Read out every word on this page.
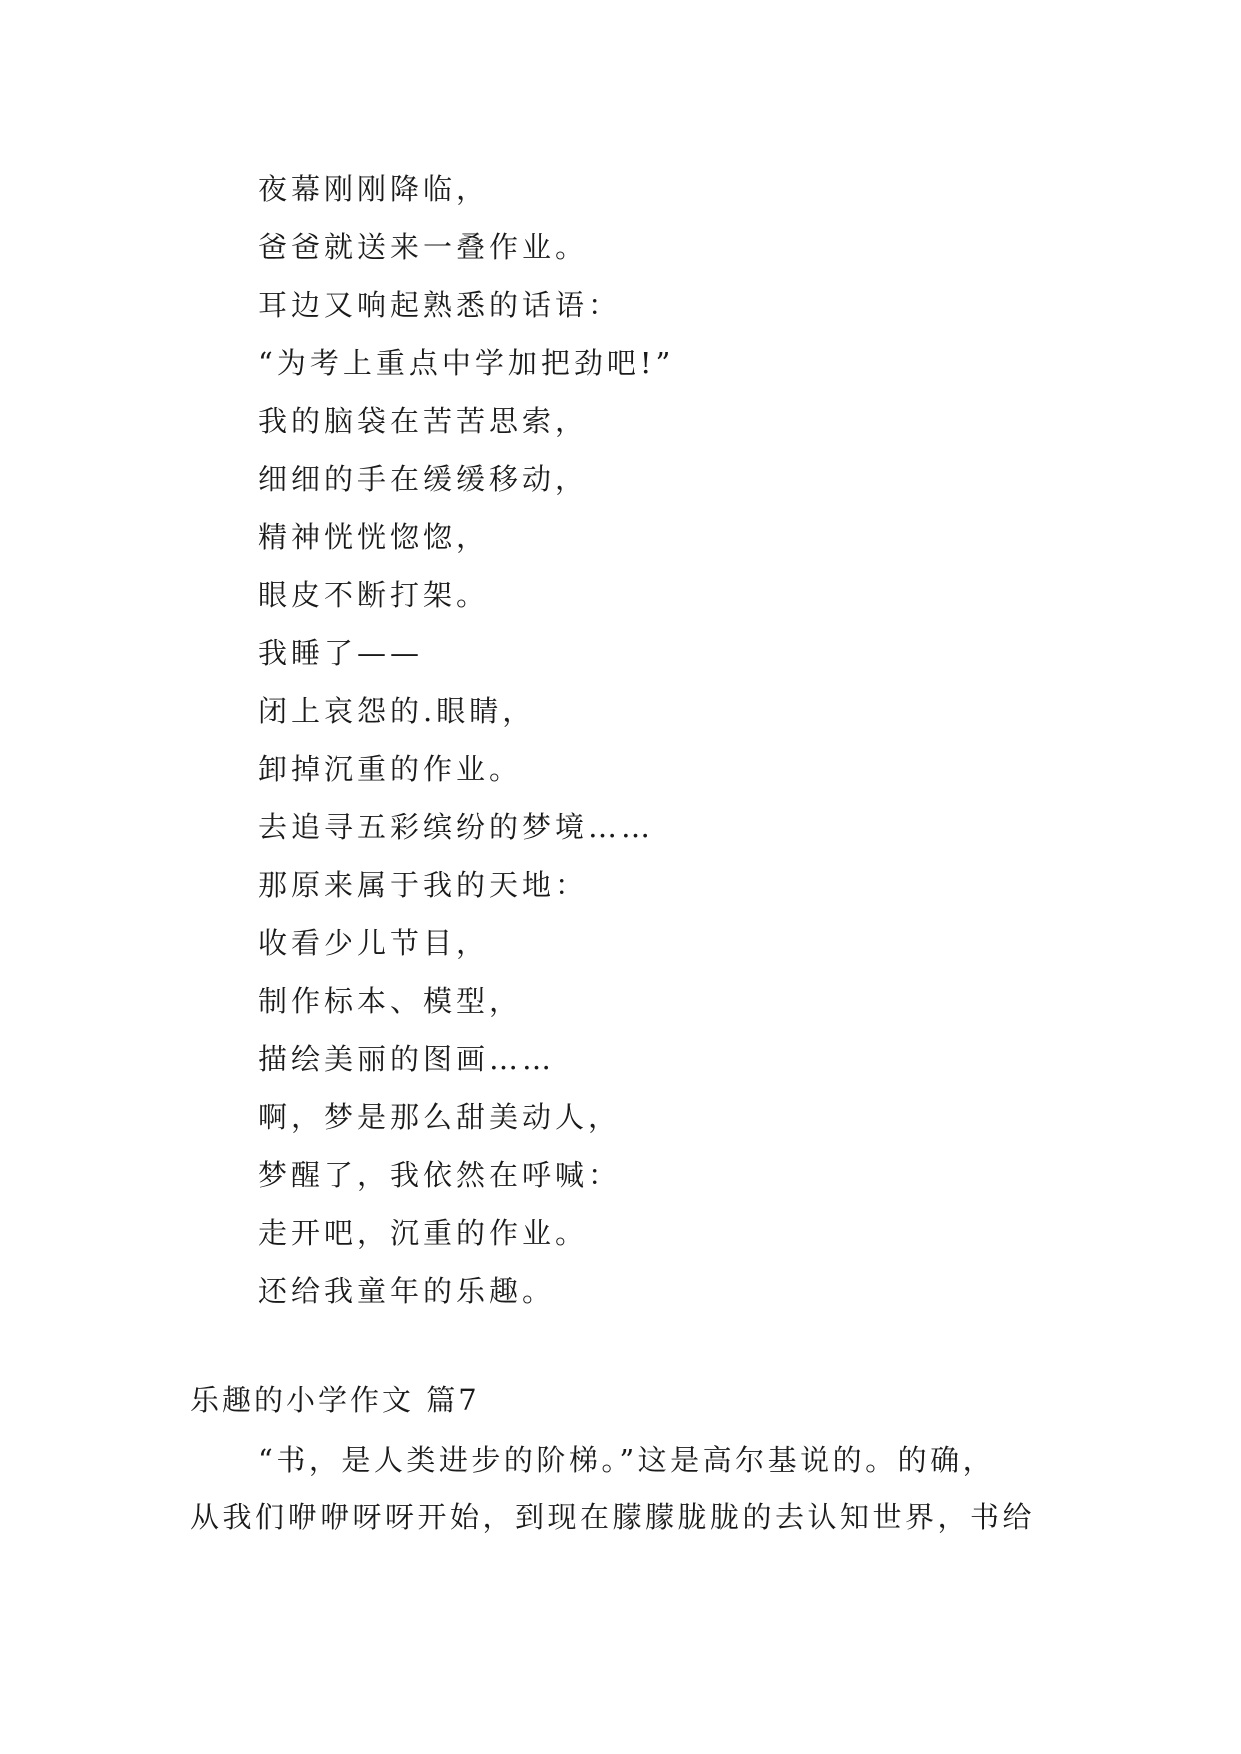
夜幕刚刚降临，
爸爸就送来一叠作业。
耳边又响起熟悉的话语：
“为考上重点中学加把劲吧!”
我的脑袋在苦苦思索，
细细的手在缓缓移动，
精神恍恍惚惚，
眼皮不断打架。
我睡了——
闭上哀怨的.眼睛，
卸掉沉重的作业。
去追寻五彩缤纷的梦境……
那原来属于我的天地：
收看少儿节目，
制作标本、模型，
描绘美丽的图画……
啊，梦是那么甜美动人，
梦醒了，我依然在呼喊：
走开吧，沉重的作业。
还给我童年的乐趣。
乐趣的小学作文 篇7
“书，是人类进步的阶梯。”这是高尔基说的。的确，
从我们咿咿呀呀开始，到现在朦朦胧胧的去认知世界，书给
